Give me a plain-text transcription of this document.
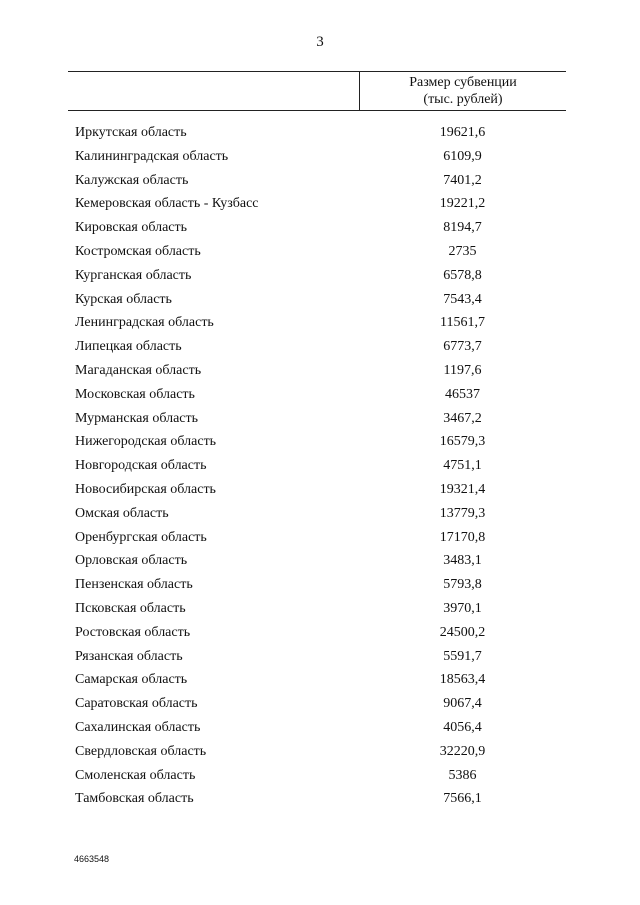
3
Размер субвенции
(тыс. рублей)
Иркутская область	19621,6
Калининградская область	6109,9
Калужская область	7401,2
Кемеровская область - Кузбасс	19221,2
Кировская область	8194,7
Костромская область	2735
Курганская область	6578,8
Курская область	7543,4
Ленинградская область	11561,7
Липецкая область	6773,7
Магаданская область	1197,6
Московская область	46537
Мурманская область	3467,2
Нижегородская область	16579,3
Новгородская область	4751,1
Новосибирская область	19321,4
Омская область	13779,3
Оренбургская область	17170,8
Орловская область	3483,1
Пензенская область	5793,8
Псковская область	3970,1
Ростовская область	24500,2
Рязанская область	5591,7
Самарская область	18563,4
Саратовская область	9067,4
Сахалинская область	4056,4
Свердловская область	32220,9
Смоленская область	5386
Тамбовская область	7566,1
4663548
